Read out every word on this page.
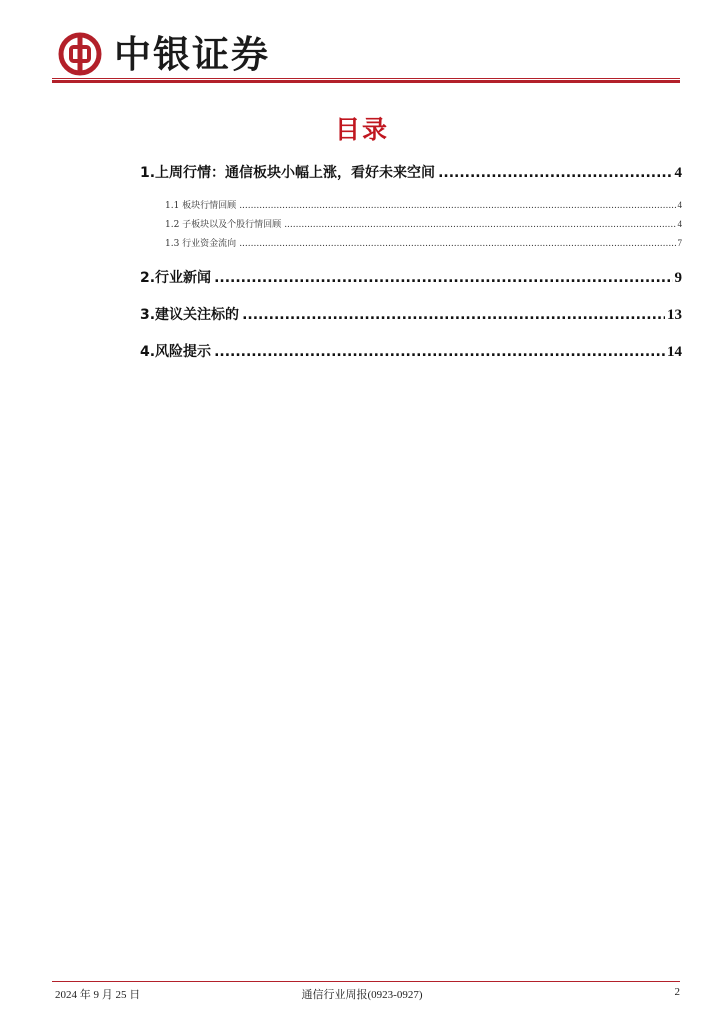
中银证券
目录
1.上周行情：通信板块小幅上涨，看好未来空间 .....	4
1.1 板块行情回顾 .....	4
1.2 子板块以及个股行情回顾 .....	4
1.3 行业资金流向 .....	7
2.行业新闻 .....	9
3.建议关注标的 .....	13
4.风险提示 .....	14
2024 年 9 月 25 日	通信行业周报(0923-0927)	2
